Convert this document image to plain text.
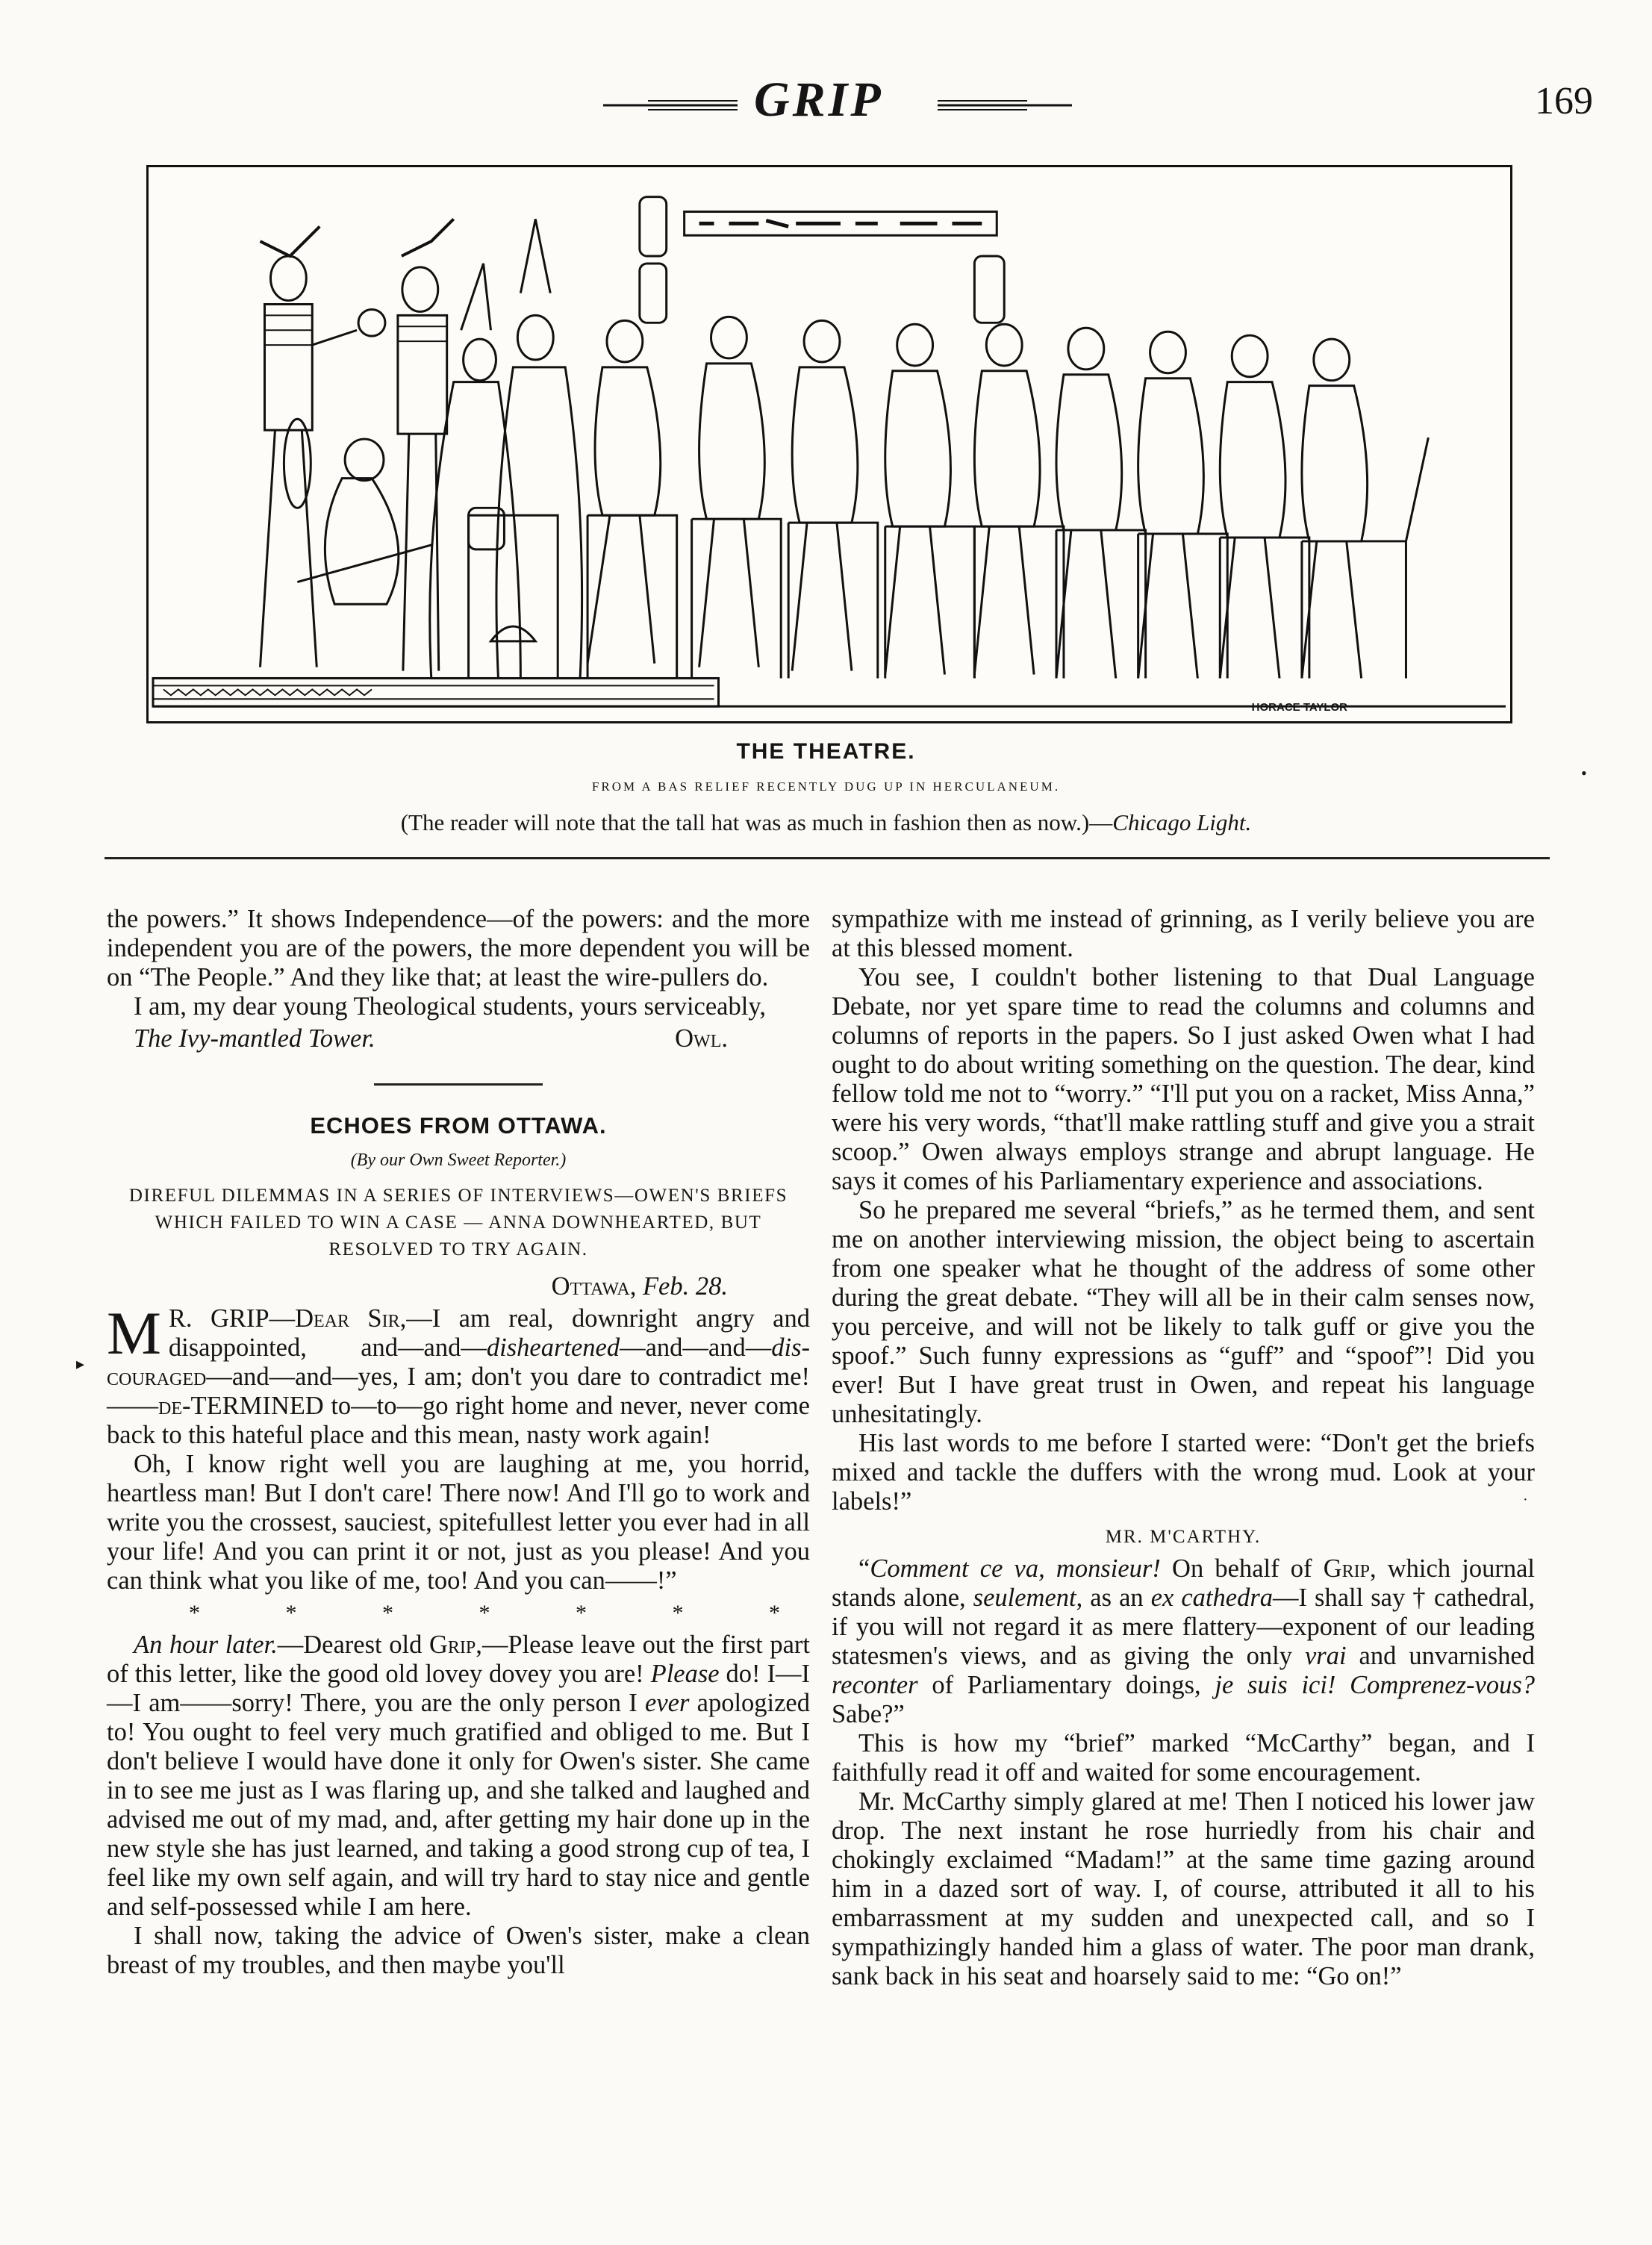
GRIP	169
HORACE TAYLOR
THE THEATRE.
FROM A BAS RELIEF RECENTLY DUG UP IN HERCULANEUM.
(The reader will note that the tall hat was as much in fashion then as now.)—Chicago Light.
•

the powers.” It shows Independence—of the powers: and the more independent you are of the powers, the more dependent you will be on “The People.” And they like that; at least the wire-pullers do.

I am, my dear young Theological students, yours serviceably,

The Ivy-mantled Tower.	Owl.
ECHOES FROM OTTAWA.
(By our Own Sweet Reporter.)
DIREFUL DILEMMAS IN A SERIES OF INTERVIEWS—OWEN'S BRIEFS WHICH FAILED TO WIN A CASE — ANNA DOWNHEARTED, BUT RESOLVED TO TRY AGAIN.
Ottawa, Feb. 28.

M R. GRIP—Dear Sir,—I am real, downright angry and disappointed, and—and—disheartened—and—and—dis-couraged—and—and—yes, I am; don't you dare to contradict me!——de-TERMINED to—to—go right home and never, never come back to this hateful place and this mean, nasty work again!

Oh, I know right well you are laughing at me, you horrid, heartless man! But I don't care! There now! And I'll go to work and write you the crossest, sauciest, spitefullest letter you ever had in all your life! And you can print it or not, just as you please! And you can think what you like of me, too! And you can——!”

*	*	*	*	*	*	*

An hour later.—Dearest old Grip,—Please leave out the first part of this letter, like the good old lovey dovey you are! Please do! I—I—I am——sorry! There, you are the only person I ever apologized to! You ought to feel very much gratified and obliged to me. But I don't believe I would have done it only for Owen's sister. She came in to see me just as I was flaring up, and she talked and laughed and advised me out of my mad, and, after getting my hair done up in the new style she has just learned, and taking a good strong cup of tea, I feel like my own self again, and will try hard to stay nice and gentle and self-possessed while I am here.

I shall now, taking the advice of Owen's sister, make a clean breast of my troubles, and then maybe you'll

▸

sympathize with me instead of grinning, as I verily believe you are at this blessed moment.

You see, I couldn't bother listening to that Dual Language Debate, nor yet spare time to read the columns and columns and columns of reports in the papers. So I just asked Owen what I had ought to do about writing something on the question. The dear, kind fellow told me not to “worry.” “I'll put you on a racket, Miss Anna,” were his very words, “that'll make rattling stuff and give you a strait scoop.” Owen always employs strange and abrupt language. He says it comes of his Parliamentary experience and associations.

So he prepared me several “briefs,” as he termed them, and sent me on another interviewing mission, the object being to ascertain from one speaker what he thought of the address of some other during the great debate. “They will all be in their calm senses now, you perceive, and will not be likely to talk guff or give you the spoof.” Such funny expressions as “guff” and “spoof”! Did you ever! But I have great trust in Owen, and repeat his language unhesitatingly.

His last words to me before I started were: “Don't get the briefs mixed and tackle the duffers with the wrong mud. Look at your labels!”

MR. M'CARTHY.

“Comment ce va, monsieur! On behalf of Grip, which journal stands alone, seulement, as an ex cathedra—I shall say † cathedral, if you will not regard it as mere flattery—exponent of our leading statesmen's views, and as giving the only vrai and unvarnished reconter of Parliamentary doings, je suis ici! Comprenez-vous? Sabe?”

This is how my “brief” marked “McCarthy” began, and I faithfully read it off and waited for some encouragement.

Mr. McCarthy simply glared at me! Then I noticed his lower jaw drop. The next instant he rose hurriedly from his chair and chokingly exclaimed “Madam!” at the same time gazing around him in a dazed sort of way. I, of course, attributed it all to his embarrassment at my sudden and unexpected call, and so I sympathizingly handed him a glass of water. The poor man drank, sank back in his seat and hoarsely said to me: “Go on!”

·
